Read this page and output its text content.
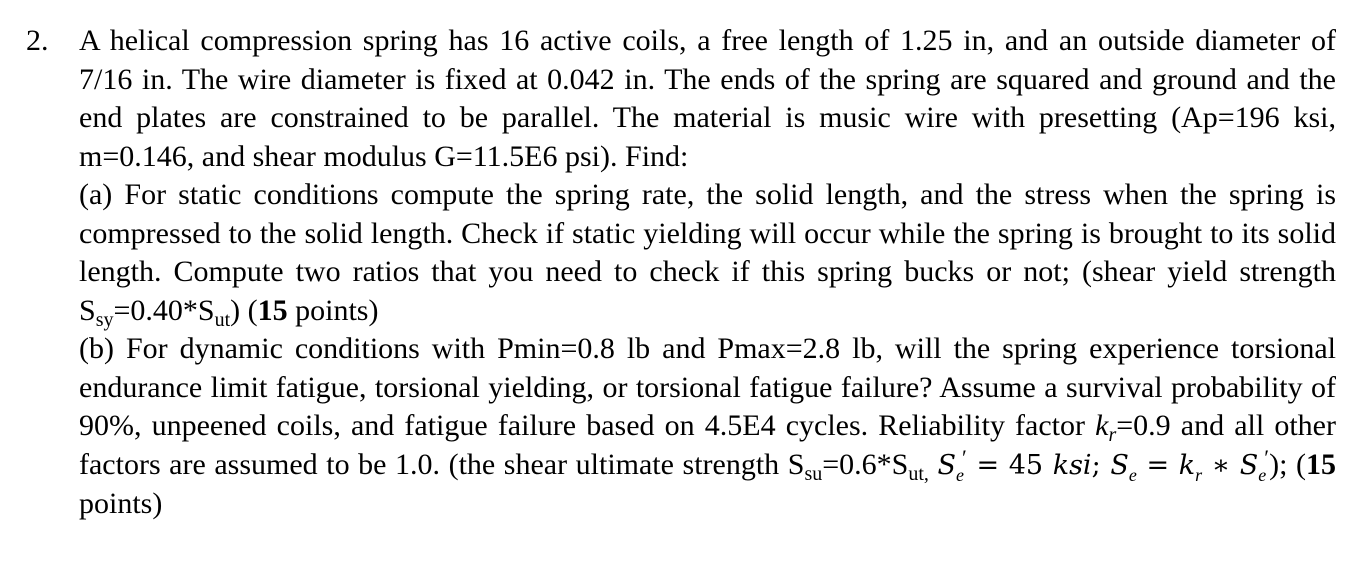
2. A helical compression spring has 16 active coils, a free length of 1.25 in, and an outside diameter of 7/16 in. The wire diameter is fixed at 0.042 in. The ends of the spring are squared and ground and the end plates are constrained to be parallel. The material is music wire with presetting (Ap=196 ksi, m=0.146, and shear modulus G=11.5E6 psi). Find:

(a) For static conditions compute the spring rate, the solid length, and the stress when the spring is compressed to the solid length. Check if static yielding will occur while the spring is brought to its solid length. Compute two ratios that you need to check if this spring bucks or not; (shear yield strength $S_{sy}=0.40*S_{ut}$) (15 points)

(b) For dynamic conditions with Pmin=0.8 lb and Pmax=2.8 lb, will the spring experience torsional endurance limit fatigue, torsional yielding, or torsional fatigue failure? Assume a survival probability of 90%, unpeened coils, and fatigue failure based on 4.5E4 cycles. Reliability factor $k_r=0.9$ and all other factors are assumed to be 1.0. (the shear ultimate strength $S_{su}=0.6*S_{ut,}$ $S_e' = 45$ ksi; $S_e = k_r$ ∗ $S_e'$); (15 points)
